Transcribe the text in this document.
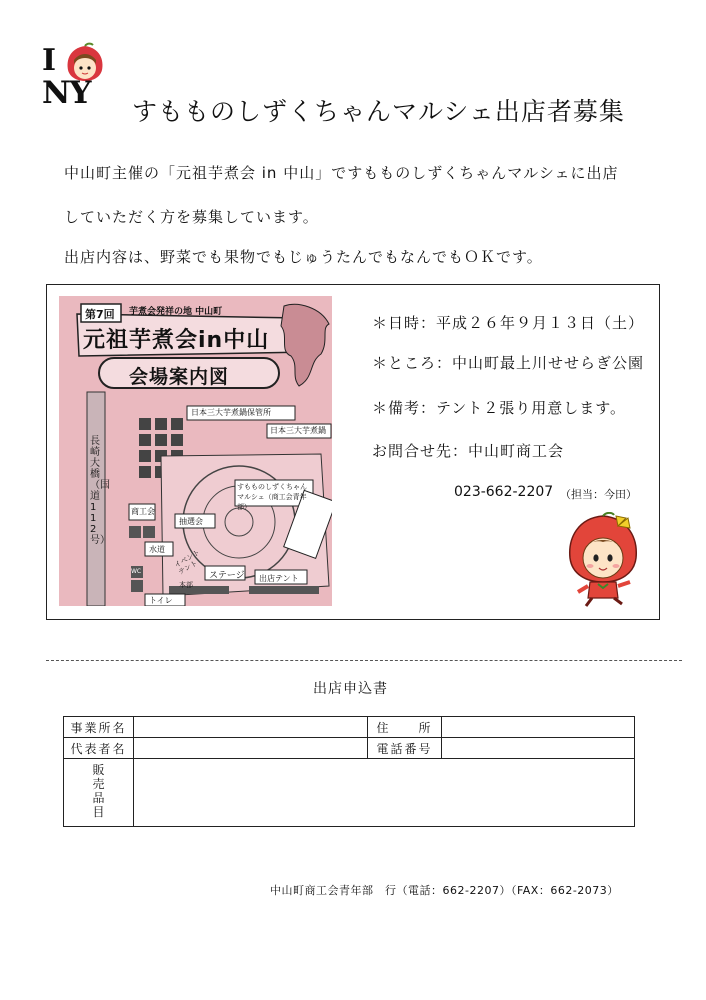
I
NY
すもものしずくちゃんマルシェ出店者募集
中山町主催の「元祖芋煮会 in 中山」ですもものしずくちゃんマルシェに出店
していただく方を募集しています。
出店内容は、野菜でも果物でもじゅうたんでもなんでもＯＫです。
第7回 芋煮会発祥の地 中山町
元祖芋煮会in中山
会場案内図
日本三大芋煮鍋保管所
日本三大芋煮鍋
長崎大橋（国道112号）
すもものしずくちゃんマルシェ（商工会青年部）
商工会
抽選会
水道 イベントテント
本部
ステージ 出店テント
トイレ
WC
＊日時：平成２６年９月１３日（土）
＊ところ：中山町最上川せせらぎ公園
＊備考：テント２張り用意します。
お問合せ先：中山町商工会
023-662-2207 （担当：今田）
出店申込書
事業所名		住　　所	
代表者名		電話番号	

販売品目			

中山町商工会青年部　行（電話：662-2207）（FAX：662-2073）
